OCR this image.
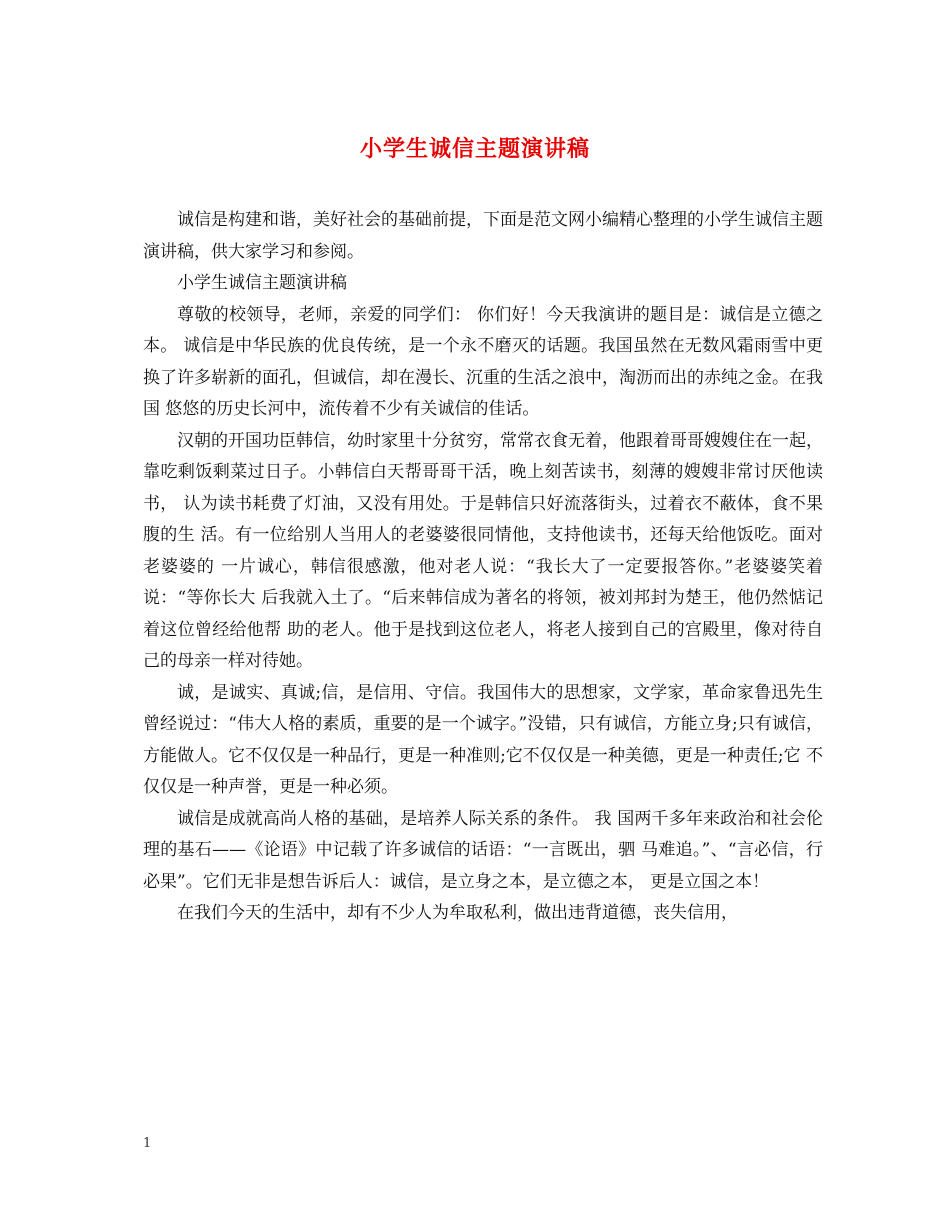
小学生诚信主题演讲稿

诚信是构建和谐，美好社会的基础前提，下面是范文网小编精心整理的小学生诚信主题演讲稿，供大家学习和参阅。

小学生诚信主题演讲稿

尊敬的校领导，老师，亲爱的同学们： 你们好！今天我演讲的题目是：诚信是立德之本。 诚信是中华民族的优良传统，是一个永不磨灭的话题。我国虽然在无数风霜雨雪中更换了许多崭新的面孔，但诚信，却在漫长、沉重的生活之浪中，淘沥而出的赤纯之金。在我国 悠悠的历史长河中，流传着不少有关诚信的佳话。

汉朝的开国功臣韩信，幼时家里十分贫穷，常常衣食无着，他跟着哥哥嫂嫂住在一起， 靠吃剩饭剩菜过日子。小韩信白天帮哥哥干活，晚上刻苦读书，刻薄的嫂嫂非常讨厌他读书， 认为读书耗费了灯油，又没有用处。于是韩信只好流落街头，过着衣不蔽体，食不果腹的生 活。有一位给别人当用人的老婆婆很同情他，支持他读书，还每天给他饭吃。面对老婆婆的 一片诚心，韩信很感激，他对老人说：“我长大了一定要报答你。”老婆婆笑着说：“等你长大 后我就入土了。“后来韩信成为著名的将领，被刘邦封为楚王，他仍然惦记着这位曾经给他帮 助的老人。他于是找到这位老人，将老人接到自己的宫殿里，像对待自己的母亲一样对待她。

诚，是诚实、真诚;信，是信用、守信。我国伟大的思想家，文学家，革命家鲁迅先生 曾经说过：“伟大人格的素质，重要的是一个诚字。”没错，只有诚信，方能立身;只有诚信， 方能做人。它不仅仅是一种品行，更是一种准则;它不仅仅是一种美德，更是一种责任;它 不仅仅是一种声誉，更是一种必须。

诚信是成就高尚人格的基础，是培养人际关系的条件。 我 国两千多年来政治和社会伦理的基石——《论语》中记载了许多诚信的话语：“一言既出，驷 马难追。”、“言必信，行必果”。它们无非是想告诉后人：诚信，是立身之本，是立德之本， 更是立国之本！

在我们今天的生活中，却有不少人为牟取私利，做出违背道德，丧失信用，

1
